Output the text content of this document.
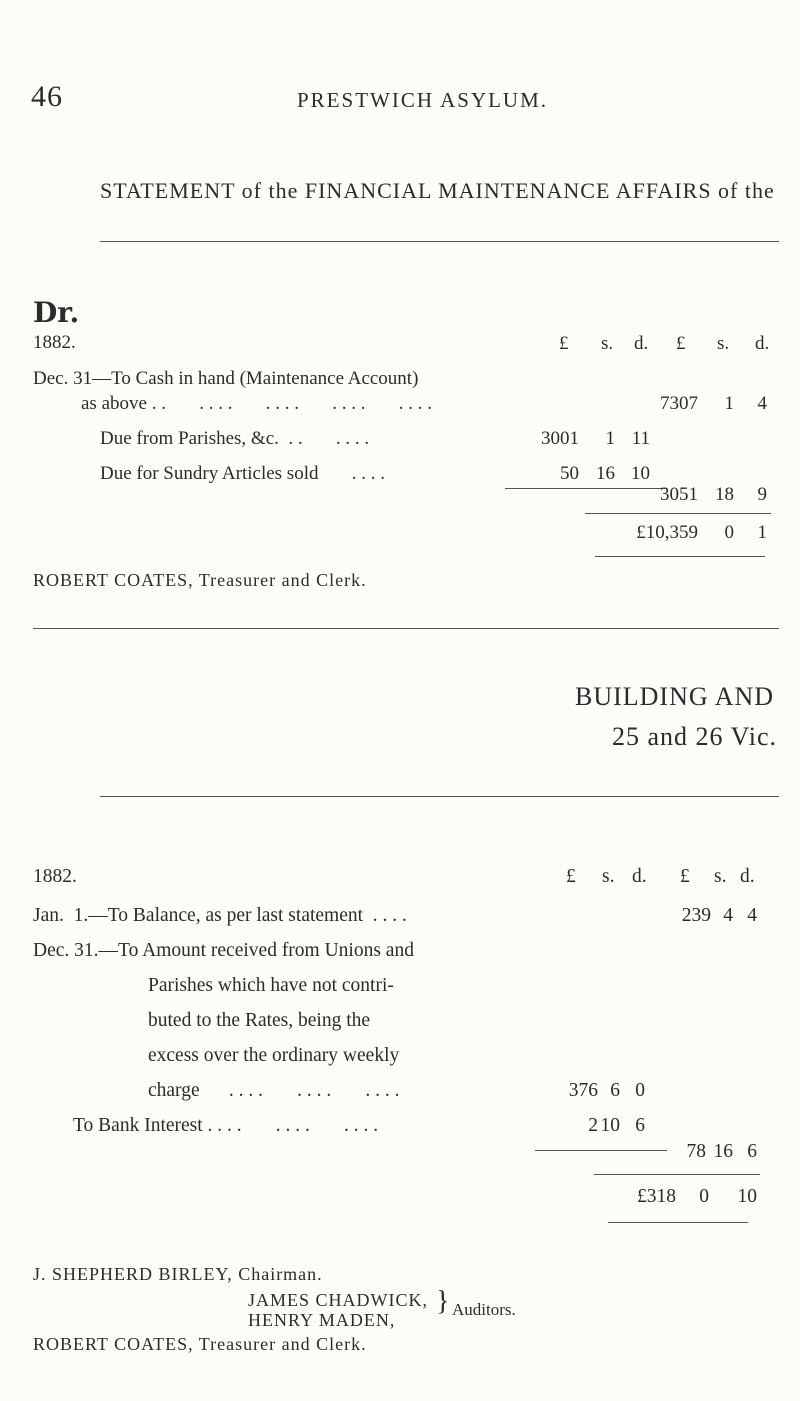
46	PRESTWICH ASYLUM.
STATEMENT of the FINANCIAL MAINTENANCE AFFAIRS of the
Dr.
1882.	£ s. d. £ s. d.
Dec. 31—To Cash in hand (Maintenance Account)
as above . .       . . . .       . . . .       . . . .       . . . .	7307 1 4
Due from Parishes, &c.  . .       . . . .	3001 1 11
Due for Sundry Articles sold       . . . .	50 16 10
3051 18 9
£10,359 0 1
ROBERT COATES, Treasurer and Clerk.
BUILDING AND
25 and 26 Vic.
1882.	£ s. d. £ s. d.
Jan.  1.—To Balance, as per last statement  . . . .	239 4 4
Dec. 31.—To Amount received from Unions and
Parishes which have not contri-
buted to the Rates, being the
excess over the ordinary weekly
charge      . . . .       . . . .       . . . .	376 6 0
To Bank Interest . . . .       . . . .       . . . .	2 10 6
78 16 6
£318 0 10
J. SHEPHERD BIRLEY, Chairman.
JAMES CHADWICK,
HENRY MADEN,
} Auditors.
ROBERT COATES, Treasurer and Clerk.
